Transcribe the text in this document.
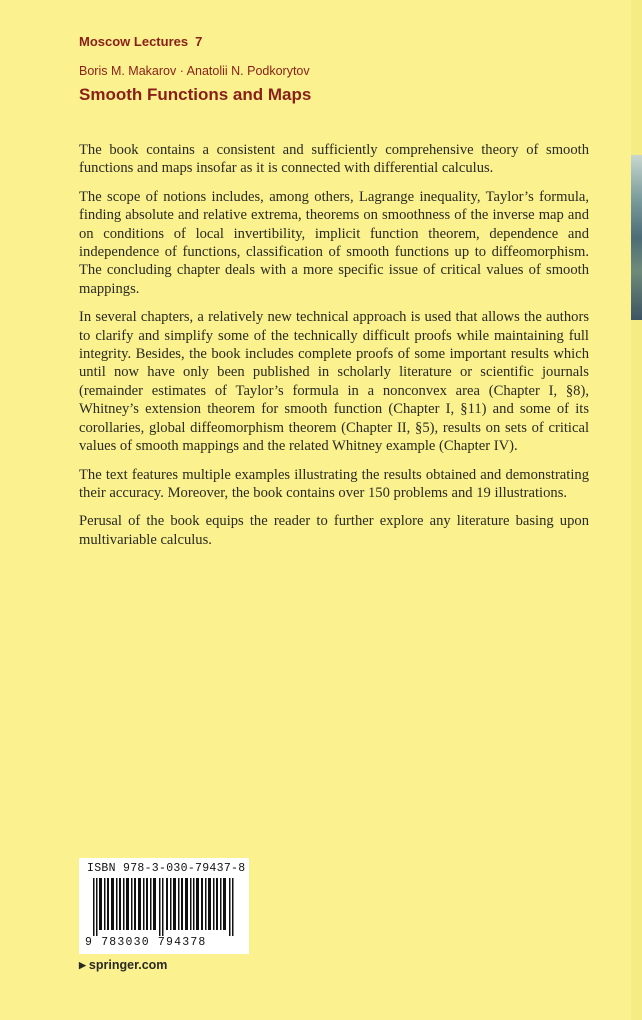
Moscow Lectures 7
Boris M. Makarov · Anatolii N. Podkorytov
Smooth Functions and Maps

The book contains a consistent and sufficiently comprehensive theory of smooth functions and maps insofar as it is connected with differential calculus.

The scope of notions includes, among others, Lagrange inequality, Taylor’s formula, finding absolute and relative extrema, theorems on smoothness of the inverse map and on conditions of local invertibility, implicit function theorem, dependence and independence of functions, classification of smooth functions up to diffeomorphism. The concluding chapter deals with a more specific issue of critical values of smooth mappings.

In several chapters, a relatively new technical approach is used that allows the authors to clarify and simplify some of the technically difficult proofs while maintaining full integrity. Besides, the book includes complete proofs of some important results which until now have only been published in scholarly literature or scientific journals (remainder estimates of Taylor’s formula in a nonconvex area (Chapter I, §8), Whitney’s extension theorem for smooth function (Chapter I, §11) and some of its corollaries, global diffeomorphism theorem (Chapter II, §5), results on sets of critical values of smooth mappings and the related Whitney example (Chapter IV).

The text features multiple examples illustrating the results obtained and demonstrating their accuracy. Moreover, the book contains over 150 problems and 19 illustrations.

Perusal of the book equips the reader to further explore any literature basing upon multivariable calculus.

ISBN 978-3-030-79437-8
9 783030 794378
▶ springer.com
